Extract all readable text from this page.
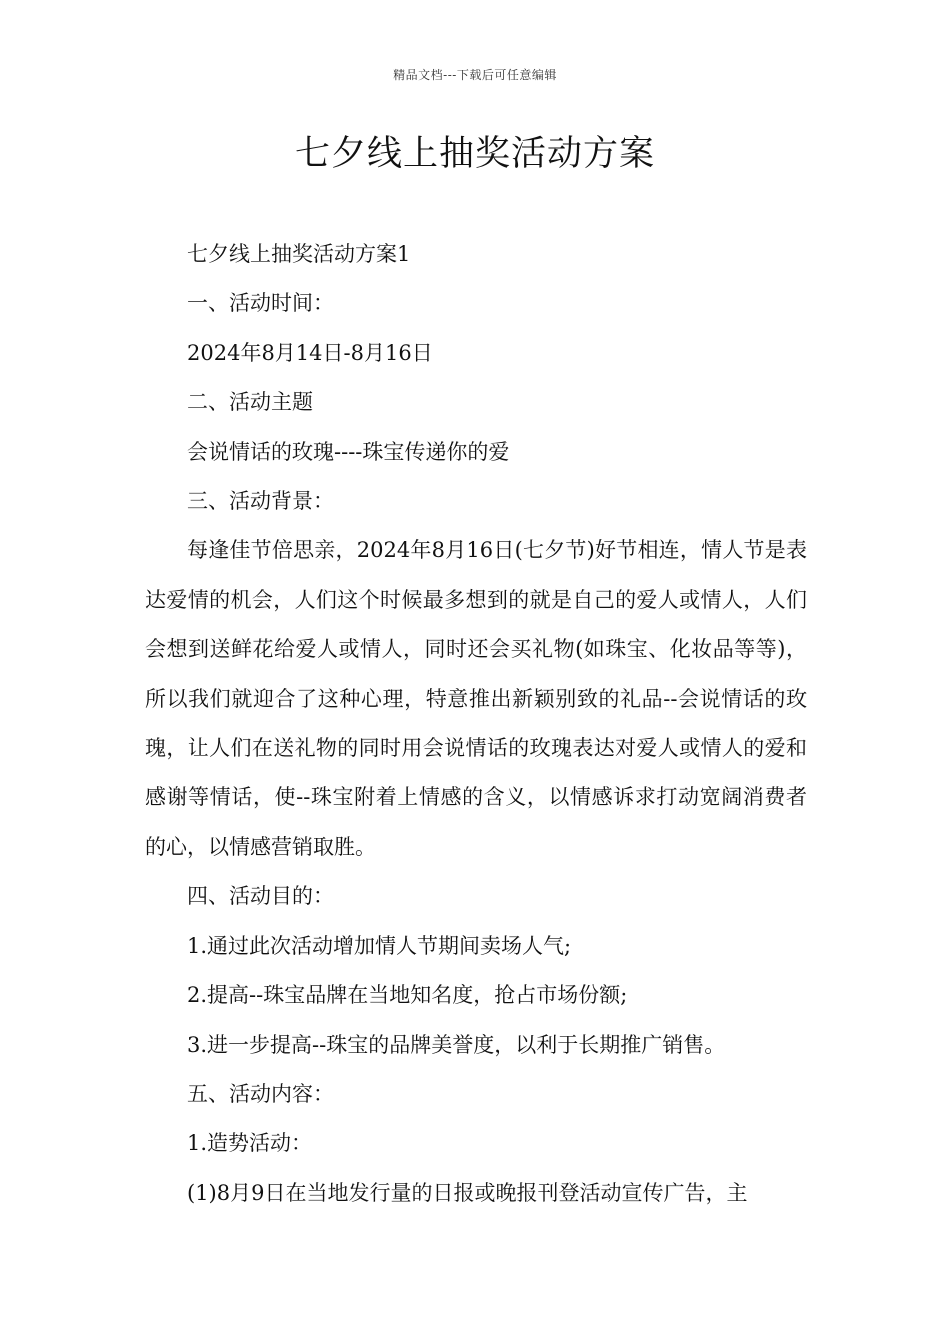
精品文档---下载后可任意编辑
七夕线上抽奖活动方案

七夕线上抽奖活动方案1

一、活动时间：

2024年8月14日-8月16日

二、活动主题

会说情话的玫瑰----珠宝传递你的爱

三、活动背景：

每逢佳节倍思亲，2024年8月16日(七夕节)好节相连，情人节是表达爱情的机会，人们这个时候最多想到的就是自己的爱人或情人，人们会想到送鲜花给爱人或情人，同时还会买礼物(如珠宝、化妆品等等)，所以我们就迎合了这种心理，特意推出新颖别致的礼品--会说情话的玫瑰，让人们在送礼物的同时用会说情话的玫瑰表达对爱人或情人的爱和感谢等情话，使--珠宝附着上情感的含义，以情感诉求打动宽阔消费者的心，以情感营销取胜。

四、活动目的：

1.通过此次活动增加情人节期间卖场人气;

2.提高--珠宝品牌在当地知名度，抢占市场份额;

3.进一步提高--珠宝的品牌美誉度，以利于长期推广销售。

五、活动内容：

1.造势活动：

(1)8月9日在当地发行量的日报或晚报刊登活动宣传广告，主
